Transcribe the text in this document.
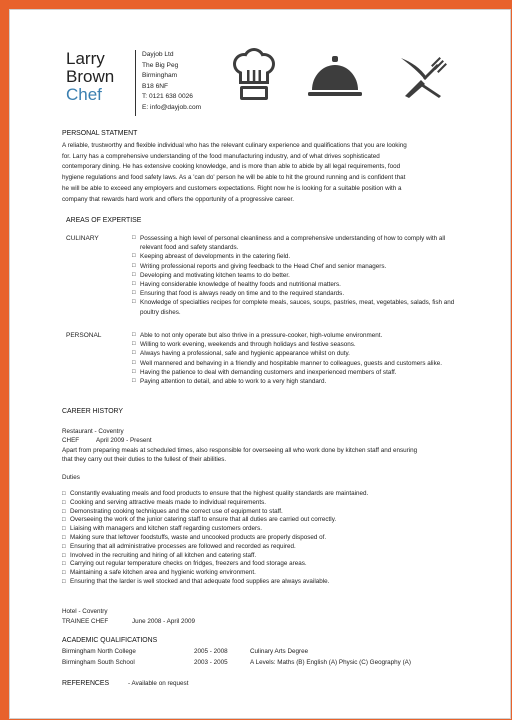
Larry
Brown
Chef
Dayjob Ltd
The Big Peg
Birmingham
B18 6NF
T: 0121 638 0026
E: info@dayjob.com
PERSONAL STATMENT
A reliable, trustworthy and flexible individual who has the relevant culinary experience and qualifications that you are looking
for. Larry has a comprehensive understanding of the food manufacturing industry, and of what drives sophisticated
contemporary dining. He has extensive cooking knowledge, and is more than able to abide by all legal requirements, food
hygiene regulations and food safety laws. As a 'can do' person he will be able to hit the ground running and is confident that
he will be able to exceed any employers and customers expectations. Right now he is looking for a suitable position with a
company that rewards hard work and offers the opportunity of a progressive career.
AREAS OF EXPERTISE
CULINARY	□ Possessing a high level of personal cleanliness and a comprehensive understanding of how to comply with all relevant food and safety standards.
□ Keeping abreast of developments in the catering field.
□ Writing professional reports and giving feedback to the Head Chef and senior managers.
□ Developing and motivating kitchen teams to do better.
□ Having considerable knowledge of healthy foods and nutritional matters.
□ Ensuring that food is always ready on time and to the required standards.
□ Knowledge of specialties recipes for complete meals, sauces, soups, pastries, meat, vegetables, salads, fish and poultry dishes.
PERSONAL	□ Able to not only operate but also thrive in a pressure-cooker, high-volume environment.
□ Willing to work evening, weekends and through holidays and festive seasons.
□ Always having a professional, safe and hygienic appearance whilst on duty.
□ Well mannered and behaving in a friendly and hospitable manner to colleagues, guests and customers alike.
□ Having the patience to deal with demanding customers and inexperienced members of staff.
□ Paying attention to detail, and able to work to a very high standard.
CAREER HISTORY
Restaurant - Coventry
CHEF	April 2009 - Present
Apart from preparing meals at scheduled times, also responsible for overseeing all who work done by kitchen staff and ensuring
that they carry out their duties to the fullest of their abilities.
Duties
□ Constantly evaluating meals and food products to ensure that the highest quality standards are maintained.
□ Cooking and serving attractive meals made to individual requirements.
□ Demonstrating cooking techniques and the correct use of equipment to staff.
□ Overseeing the work of the junior catering staff to ensure that all duties are carried out correctly.
□ Liaising with managers and kitchen staff regarding customers orders.
□ Making sure that leftover foodstuffs, waste and uncooked products are properly disposed of.
□ Ensuring that all administrative processes are followed and recorded as required.
□ Involved in the recruiting and hiring of all kitchen and catering staff.
□ Carrying out regular temperature checks on fridges, freezers and food storage areas.
□ Maintaining a safe kitchen area and hygienic working environment.
□ Ensuring that the larder is well stocked and that adequate food supplies are always available.
Hotel - Coventry
TRAINEE CHEF	June 2008 - April 2009
ACADEMIC QUALIFICATIONS
Birmingham North College	2005 - 2008	Culinary Arts Degree
Birmingham South School	2003 - 2005	A Levels: Maths (B) English (A) Physic (C) Geography (A)
REFERENCES	- Available on request
